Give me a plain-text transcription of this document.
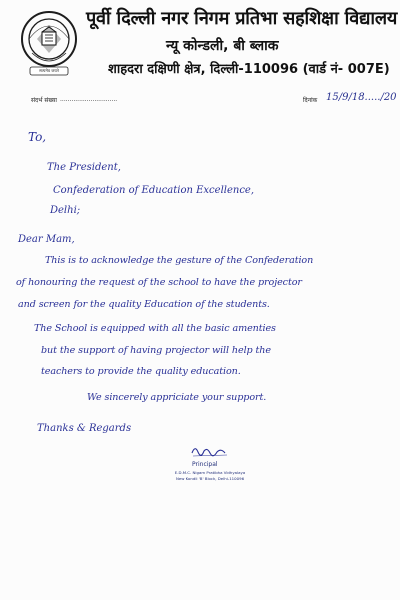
सत्यमेव जयते
पूर्वी दिल्ली नगर निगम प्रतिभा सहशिक्षा विद्यालय
न्यू कोन्डली, बी ब्लाक
शाहदरा दक्षिणी क्षेत्र, दिल्ली-110096 (वार्ड नं- 007E)
संदर्भ संख्या ..............................	दिनांक 15/9/18...../20
To,
The President,
Confederation of Education Excellence,
Delhi;
Dear Mam,
This is to acknowledge the gesture of the Confederation
of honouring the request of the school to have the projector
and screen for the quality Education of the students.
The School is equipped with all the basic amenties
but the support of having projector will help the
teachers to provide the quality education.
We sincerely appriciate your support.
Thanks & Regards
Principal
E.D.M.C. Nigam Pratibha Vidhyalaya
New Kondli 'B' Block, Delhi-110096
